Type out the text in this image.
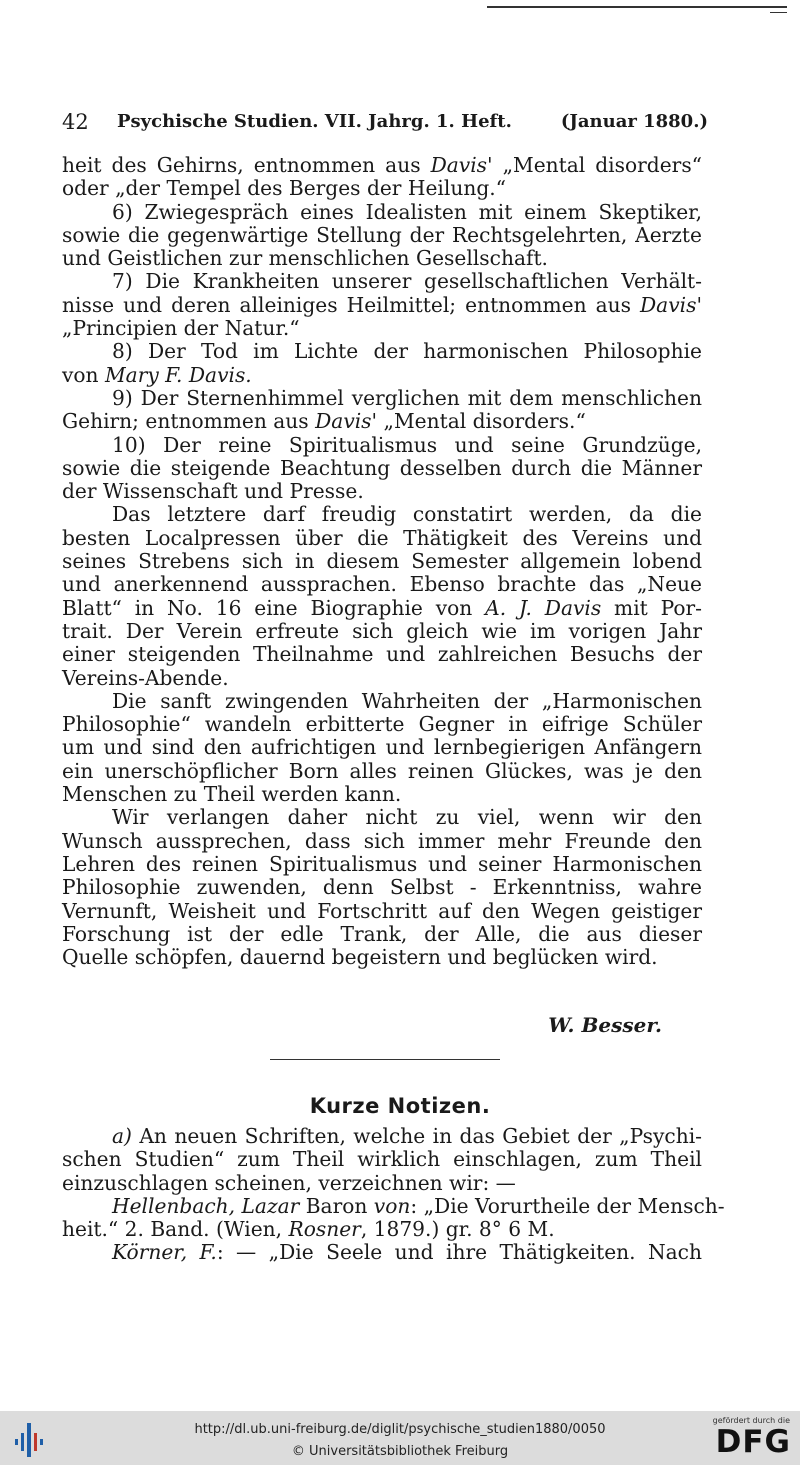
42 Psychische Studien. VII. Jahrg. 1. Heft.	(Januar 1880.)
heit des Gehirns, entnommen aus Davis' „Mental disorders“
oder „der Tempel des Berges der Heilung.“
6) Zwiegespräch eines Idealisten mit einem Skeptiker,
sowie die gegenwärtige Stellung der Rechtsgelehrten, Aerzte
und Geistlichen zur menschlichen Gesellschaft.
7) Die Krankheiten unserer gesellschaftlichen Verhält-
nisse und deren alleiniges Heilmittel; entnommen aus Davis'
„Principien der Natur.“
8) Der Tod im Lichte der harmonischen Philosophie
von Mary F. Davis.
9) Der Sternenhimmel verglichen mit dem menschlichen
Gehirn; entnommen aus Davis' „Mental disorders.“
10) Der reine Spiritualismus und seine Grundzüge,
sowie die steigende Beachtung desselben durch die Männer
der Wissenschaft und Presse.
Das letztere darf freudig constatirt werden, da die
besten Localpressen über die Thätigkeit des Vereins und
seines Strebens sich in diesem Semester allgemein lobend
und anerkennend aussprachen. Ebenso brachte das „Neue
Blatt“ in No. 16 eine Biographie von A. J. Davis mit Por-
trait. Der Verein erfreute sich gleich wie im vorigen Jahr
einer steigenden Theilnahme und zahlreichen Besuchs der
Vereins-Abende.
Die sanft zwingenden Wahrheiten der „Harmonischen
Philosophie“ wandeln erbitterte Gegner in eifrige Schüler
um und sind den aufrichtigen und lernbegierigen Anfängern
ein unerschöpflicher Born alles reinen Glückes, was je den
Menschen zu Theil werden kann.
Wir verlangen daher nicht zu viel, wenn wir den
Wunsch aussprechen, dass sich immer mehr Freunde den
Lehren des reinen Spiritualismus und seiner Harmonischen
Philosophie zuwenden, denn Selbst - Erkenntniss, wahre
Vernunft, Weisheit und Fortschritt auf den Wegen geistiger
Forschung ist der edle Trank, der Alle, die aus dieser
Quelle schöpfen, dauernd begeistern und beglücken wird.
W. Besser.
Kurze Notizen.
a) An neuen Schriften, welche in das Gebiet der „Psychi-
schen Studien“ zum Theil wirklich einschlagen, zum Theil
einzuschlagen scheinen, verzeichnen wir: —
Hellenbach, Lazar Baron von: „Die Vorurtheile der Mensch-
heit.“ 2. Band. (Wien, Rosner, 1879.) gr. 8° 6 M.
Körner, F.: — „Die Seele und ihre Thätigkeiten. Nach
http://dl.ub.uni-freiburg.de/diglit/psychische_studien1880/0050
© Universitätsbibliothek Freiburg
gefördert durch die
DFG
